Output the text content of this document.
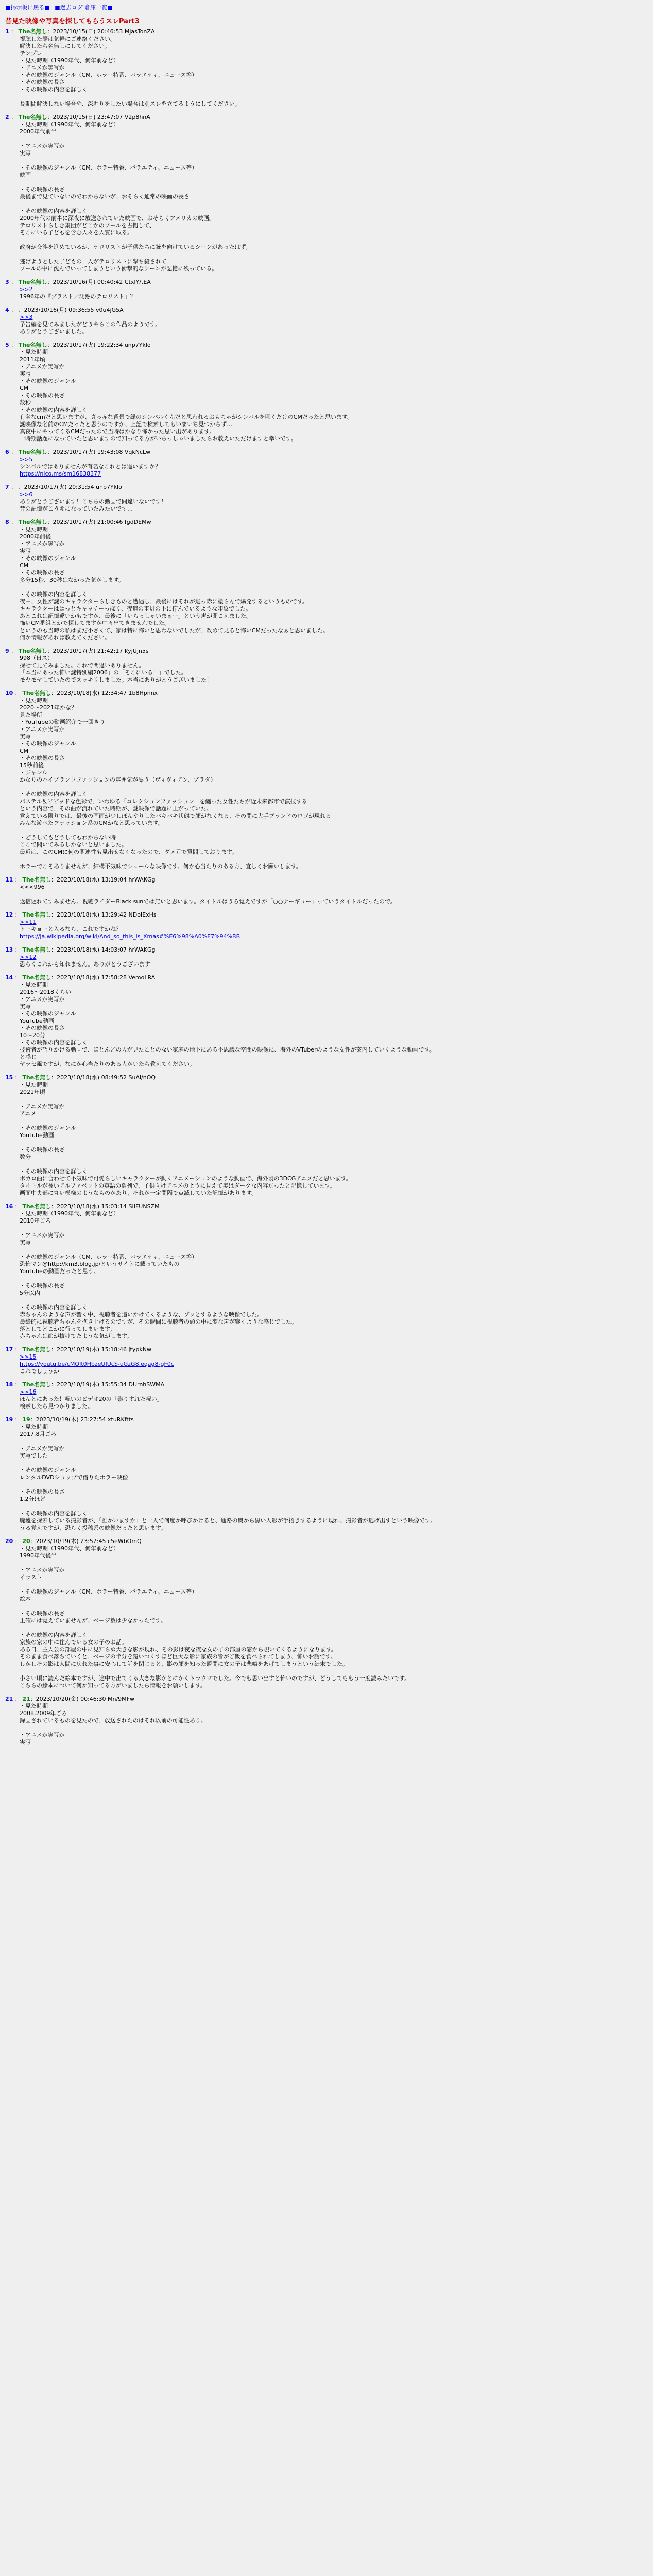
■掲示板に戻る■ ■過去ログ 倉庫一覧■
昔見た映像や写真を探してもらうスレPart3
1 ： The名無し：2023/10/15(日) 20:46:53 MjasTonZA
視聴した際は気軽にご連絡ください。
解決したら名無しにしてください。
テンプレ
・見た時期（1990年代、何年前など）
・アニメか実写か
・その映像のジャンル（CM、ホラー特番、バラエティ、ニュース等）
・その映像の長さ
・その映像の内容を詳しく

長期間解決しない場合や、深堀りをしたい場合は別スレを立てるようにしてください。
2 ： The名無し：2023/10/15(日) 23:47:07 V2p8hnA
・見た時期（1990年代、何年前など）
2000年代前半

・アニメか実写か
実写

・その映像のジャンル（CM、ホラー特番、バラエティ、ニュース等）
映画

・その映像の長さ
最後まで見ていないのでわからないが、おそらく通常の映画の長さ

・その映像の内容を詳しく
2000年代の前半に深夜に放送されていた映画で、おそらくアメリカの映画。
テロリストらしき集団がどこかのプールを占拠して、
そこにいる子どもを含む人々を人質に取る。

政府が交渉を進めているが、テロリストが子供たちに銃を向けているシーンがあったはず。

逃げようとした子どもの一人がテロリストに撃ち殺されて
プールの中に沈んでいってしまうという衝撃的なシーンが記憶に残っている。
3 ： The名無し：2023/10/16(月) 00:40:42 CtxIY/tEA
>>2
1996年の『プラスト／沈黙のテロリスト』？
4 ： ：2023/10/16(月) 09:36:55 v0u4jG5A
>>3
予告編を見てみましたがどうやらこの作品のようです。
ありがとうございました。
5 ： The名無し：2023/10/17(火) 19:22:34 unp7Yklo
・見た時期
2011年頃
・アニメか実写か
実写
・その映像のジャンル
CM
・その映像の長さ
数秒
・その映像の内容を詳しく
有名なcmだと思いますが、真っ赤な背景で緑のシンバルくんだと思われるおもちゃがシンバルを叩くだけのCMだったと思います。
謎映像な名前のCMだったと思うのですが、上記で検索してもいまいち見つからず…
真夜中にやってくるCMだったので当時はかなり怖かった思い出があります。
一時期話題になっていたと思いますので知ってる方がいらっしゃいましたらお教えいただけますと幸いです。
6 ： The名無し：2023/10/17(火) 19:43:08 VqkNcLw
>>5
シンバルではありませんが有名なこれとは違いますか？
https://nico.ms/sm16838377
7 ： ：2023/10/17(火) 20:31:54 unp7Yklo
>>6
ありがとうございます！こちらの動画で間違いないです！
昔の記憶がこうゆになっていたみたいです…
8 ： The名無し：2023/10/17(火) 21:00:46 fgdDEMw
・見た時期
2000年前後
・アニメか実写か
実写
・その映像のジャンル
CM
・その映像の長さ
多分15秒、30秒はなかった気がします。

・その映像の内容を詳しく
夜中、女性が謎のキャラクターらしきものと遭遇し、最後にはそれが逃っ赤に塗らんで爆発するというものです。
キャラクターははっとキャッチーっぽく、夜道の電灯の下に佇んでいるような印象でした。
あとこれは記憶違いかもですが、最後に「いらっしゃいまぁー」という声が聞こえました。
怖いCM番組とかで探してますが中々出てきませんでした。
というのも当時の私はまだ小さくて、家は特に怖いと思わないでしたが、改めて見ると怖いCMだったなぁと思いました。
何か情報があれば教えてください。
9 ： The名無し：2023/10/17(火) 21:42:17 KyjUjn5s
998（日ス）
探せて見てみました。これで間違いありません。
「本当にあった怖い謎特別編2006」の「そこにいる！」でした。
モヤモヤしていたのでスッキリしました。本当にありがとうございました！
10 ： The名無し：2023/10/18(水) 12:34:47 1b8Hpnnx
・見た時期
2020〜2021年かな？
見た場所
・YouTubeの動画紹介で一回きり
・アニメか実写か
実写
・その映像のジャンル
CM
・その映像の長さ
15秒前後
・ジャンル
かなりのハイブランドファッションの雰囲気が漂う（ヴィヴィアン、プラダ）

・その映像の内容を詳しく
パステル＆ビビッドな色彩で、いわゆる「コレクションファッション」を纏った女性たちが近未来都市で演技する
という内容で、その曲が流れていた時期が、謎映像で話題に上がっていた。
覚えている限りでは、最後の画面が少しぼんやりしたバキバキ状態で顔がなくなる、その間に大手ブランドのロゴが現れる
みんな遊べたファッション系のCMかなと思っています。

・どうしてもどうしてもわからない時
ここで聞いてみるしかないと思いました。
最近は、このCMに何の関連性も見出せなくなったので、ダメ元で質問しております。

ホラーでこそありませんが、結構不気味でシュールな映像です。何か心当たりのある方、宜しくお願いします。
11 ： The名無し：2023/10/18(水) 13:19:04 hrWAKGg
<<<996

返信遅れてすみません。視聴ライダーBlack sunでは無いと思います。タイトルはうろ覚えですが「○○ナーギョー」っていうタイトルだったので。
12 ： The名無し：2023/10/18(水) 13:29:42 NDoIExHs
>>11
トーキョーと入るなら、これですかね？
https://ja.wikipedia.org/wiki/And_so_this_is_Xmas#%E6%98%A0%E7%94%BB
13 ： The名無し：2023/10/18(水) 14:03:07 hrWAKGg
>>12
恐らくこれかも知れません。ありがとうございます
14 ： The名無し：2023/10/18(水) 17:58:28 VemoLRA
・見た時期
2016〜2018くらい
・アニメか実写か
実写
・その映像のジャンル
YouTube動画
・その映像の長さ
10〜20分
・その映像の内容を詳しく
技術者が語りかける動画で、ほとんどの人が見たことのない家庭の地下にある不思議な空間の映像に、海外のVTuberのような女性が案内していくような動画です。
と感じ
ヤラセ風ですが、なにか心当たりのある人がいたら教えてください。
15 ： The名無し：2023/10/18(水) 08:49:52 SuAl/nOQ
・見た時期
2021年頃

・アニメか実写か
アニメ

・その映像のジャンル
YouTube動画

・その映像の長さ
数分

・その映像の内容を詳しく
ボカロ曲に合わせて不気味で可愛らしいキャラクターが動くアニメーションのような動画で、海外製の3DCGアニメだと思います。
タイトルが長いアルファベットの英語の羅列で、子供向けアニメのように見えて実はダークな内容だったと記憶しています。
画面中央部に丸い模様のようなものがあり、それが一定間隔で点滅していた記憶があります。
16 ： The名無し：2023/10/18(水) 15:03:14 SIIFUNSZM
・見た時期（1990年代、何年前など）
2010年ごろ

・アニメか実写か
実写

・その映像のジャンル（CM、ホラー特番、バラエティ、ニュース等）
恐怖マン@http://km3.blog.jp/というサイトに載っていたもの
YouTubeの動画だったと思う。

・その映像の長さ
5分以内

・その映像の内容を詳しく
赤ちゃんのような声が響く中、視聴者を追いかけてくるような、ゾッとするような映像でした。
最終的に視聴者ちゃんを抱き上げるのですが、その瞬間に視聴者の頭の中に変な声が響くような感じでした。
落としてどこかに行ってしまいます。
赤ちゃんは節が抜けてたような気がします。
17 ： The名無し：2023/10/19(木) 15:18:46 jtypkNw
>>15
https://youtu.be/cMOIt0HbzeUIUcS-uGzG8.eqag8-gF0c
これでしょうか
18 ： The名無し：2023/10/19(木) 15:55:34 DUrnhSWMA
>>16
ほんとにあった！呪いのビデオ20の「祟りすれた呪い」
検索したら見つかりました。
19 ： 19：2023/10/19(木) 23:27:54 xtuRKftts
・見た時期
2017.8月ごろ

・アニメか実写か
実写でした

・その映像のジャンル
レンタルDVDショップで借りたホラー映像

・その映像の長さ
1,2分ほど

・その映像の内容を詳しく
廃墟を探索している撮影者が、「誰かいますか」と一人で何度か呼びかけると、通路の奥から黒い人影が手招きするように現れ、撮影者が逃げ出すという映像です。
うる覚えですが、恐らく投稿系の映像だったと思います。
20 ： 20：2023/10/19(木) 23:57:45 c5eWbOmQ
・見た時期（1990年代、何年前など）
1990年代後半

・アニメか実写か
イラスト

・その映像のジャンル（CM、ホラー特番、バラエティ、ニュース等）
絵本

・その映像の長さ
正確には覚えていませんが、ページ数は少なかったです。

・その映像の内容を詳しく
家族の家の中に住んでいる女の子のお話。
ある日、主人公の部屋の中に見知らぬ大きな影が現れ、その影は夜な夜な女の子の部屋の窓から覗いてくるようになります。
そのまま食べ落ちていくと、ページの半分を覆いつくすほど巨大な影に家族の皆がご飯を食べられてしまう、怖いお話です。
しかしその影は人間に戻れた事に安心して話を閉じると、影の顔を知った瞬間に女の子は悲鳴をあげてしまうという結末でした。

小さい頃に読んだ絵本ですが、途中で出てくる大きな影がとにかくトラウマでした。今でも思い出すと怖いのですが、どうしてももう一度読みたいです。
こちらの絵本について何か知ってる方がいましたら情報をお願いします。
21 ： 21：2023/10/20(金) 00:46:30 Mn/9MFw
・見た時期
2008,2009年ごろ
録画されているものを見たので、放送されたのはそれ以前の可能性あり。

・アニメか実写か
実写
